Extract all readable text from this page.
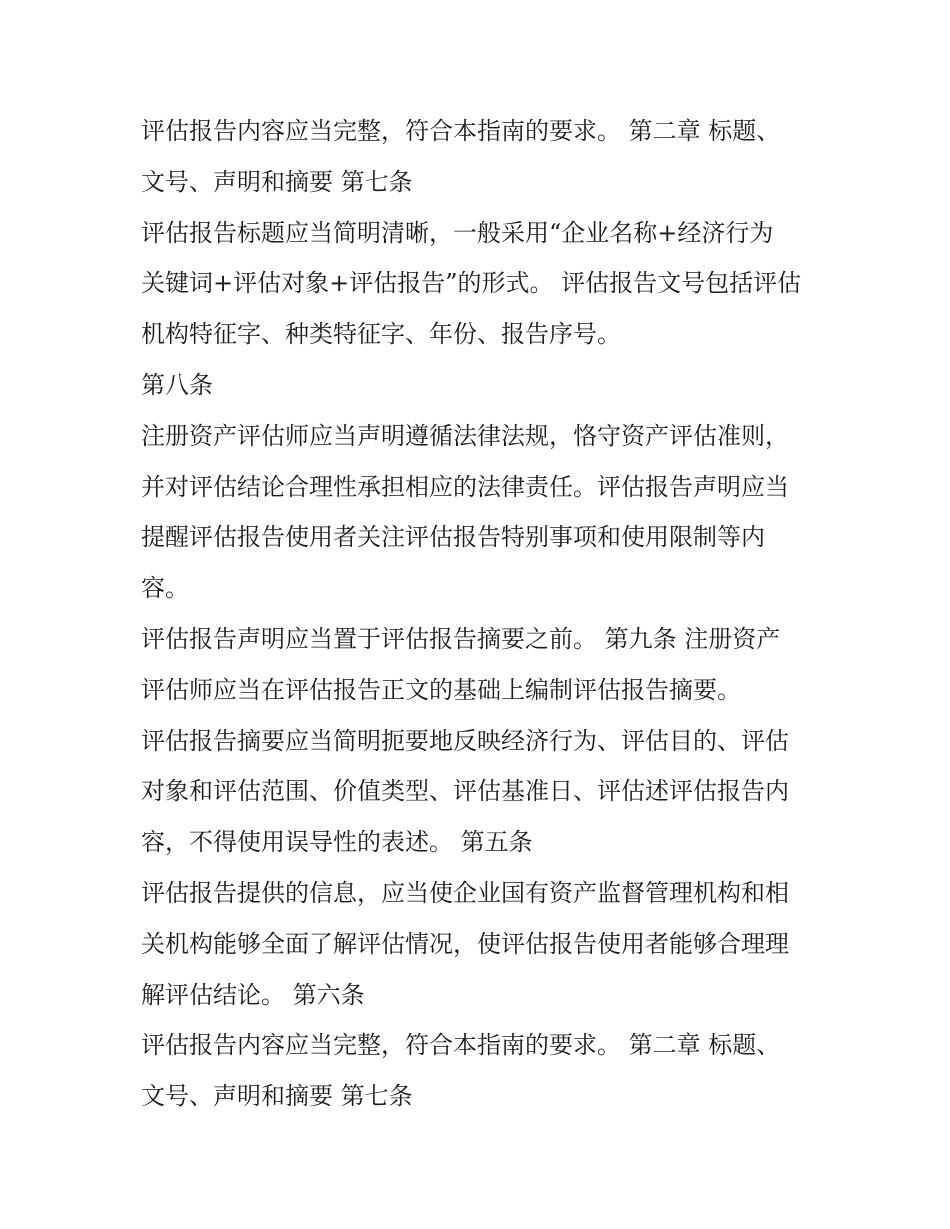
评估报告内容应当完整，符合本指南的要求。 第二章 标题、
文号、声明和摘要 第七条
评估报告标题应当简明清晰，一般采用“企业名称+经济行为
关键词+评估对象+评估报告”的形式。 评估报告文号包括评估
机构特征字、种类特征字、年份、报告序号。
第八条
注册资产评估师应当声明遵循法律法规，恪守资产评估准则，
并对评估结论合理性承担相应的法律责任。评估报告声明应当
提醒评估报告使用者关注评估报告特别事项和使用限制等内
容。
评估报告声明应当置于评估报告摘要之前。 第九条 注册资产
评估师应当在评估报告正文的基础上编制评估报告摘要。
评估报告摘要应当简明扼要地反映经济行为、评估目的、评估
对象和评估范围、价值类型、评估基准日、评估述评估报告内
容，不得使用误导性的表述。 第五条
评估报告提供的信息，应当使企业国有资产监督管理机构和相
关机构能够全面了解评估情况，使评估报告使用者能够合理理
解评估结论。 第六条
评估报告内容应当完整，符合本指南的要求。 第二章 标题、
文号、声明和摘要 第七条
